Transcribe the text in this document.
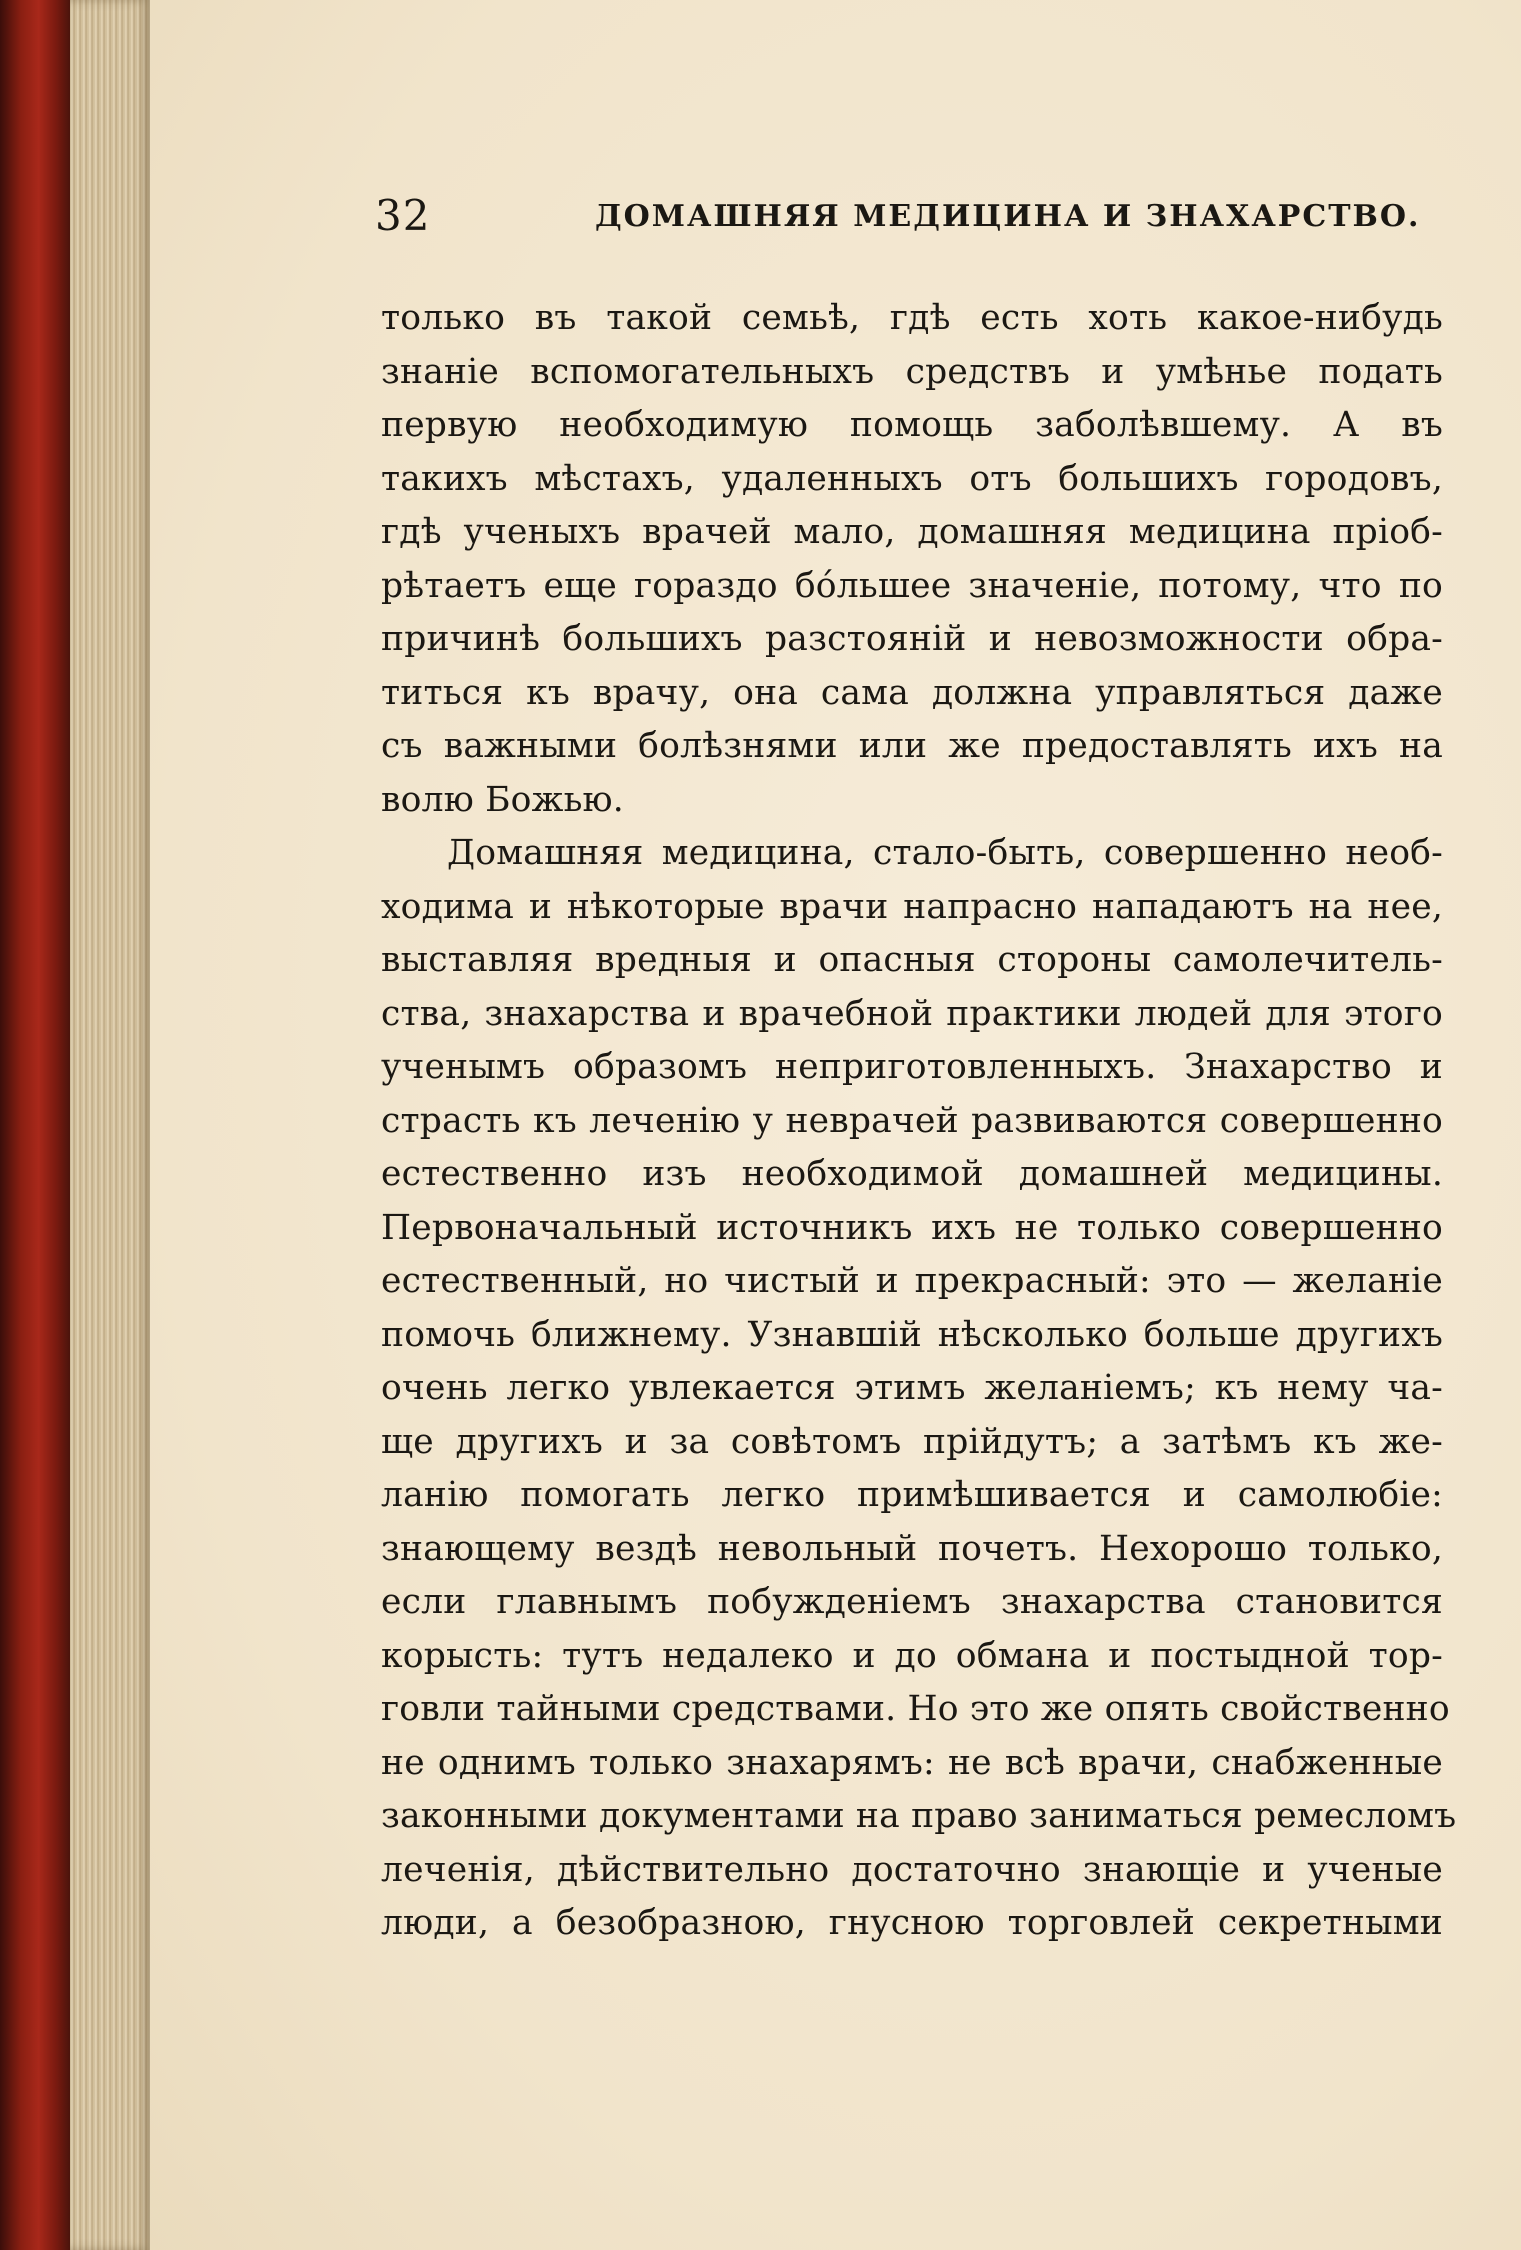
32	ДОМАШНЯЯ МЕДИЦИНА И ЗНАХАРСТВО.
только въ такой семьѣ, гдѣ есть хоть какое-нибудь
знаніе вспомогательныхъ средствъ и умѣнье подать
первую необходимую помощь заболѣвшему. А въ
такихъ мѣстахъ, удаленныхъ отъ большихъ городовъ,
гдѣ ученыхъ врачей мало, домашняя медицина пріоб-
рѣтаетъ еще гораздо бо́льшее значеніе, потому, что по
причинѣ большихъ разстояній и невозможности обра-
титься къ врачу, она сама должна управляться даже
съ важными болѣзнями или же предоставлять ихъ на
волю Божью.
Домашняя медицина, стало-быть, совершенно необ-
ходима и нѣкоторые врачи напрасно нападаютъ на нее,
выставляя вредныя и опасныя стороны самолечитель-
ства, знахарства и врачебной практики людей для этого
ученымъ образомъ неприготовленныхъ. Знахарство и
страсть къ леченію у неврачей развиваются совершенно
естественно изъ необходимой домашней медицины.
Первоначальный источникъ ихъ не только совершенно
естественный, но чистый и прекрасный: это — желаніе
помочь ближнему. Узнавшій нѣсколько больше другихъ
очень легко увлекается этимъ желаніемъ; къ нему ча-
ще другихъ и за совѣтомъ прійдутъ; а затѣмъ къ же-
ланію помогать легко примѣшивается и самолюбіе:
знающему вездѣ невольный почетъ. Нехорошо только,
если главнымъ побужденіемъ знахарства становится
корысть: тутъ недалеко и до обмана и постыдной тор-
говли тайными средствами. Но это же опять свойственно
не однимъ только знахарямъ: не всѣ врачи, снабженные
законными документами на право заниматься ремесломъ
леченія, дѣйствительно достаточно знающіе и ученые
люди, а безобразною, гнусною торговлей секретными
